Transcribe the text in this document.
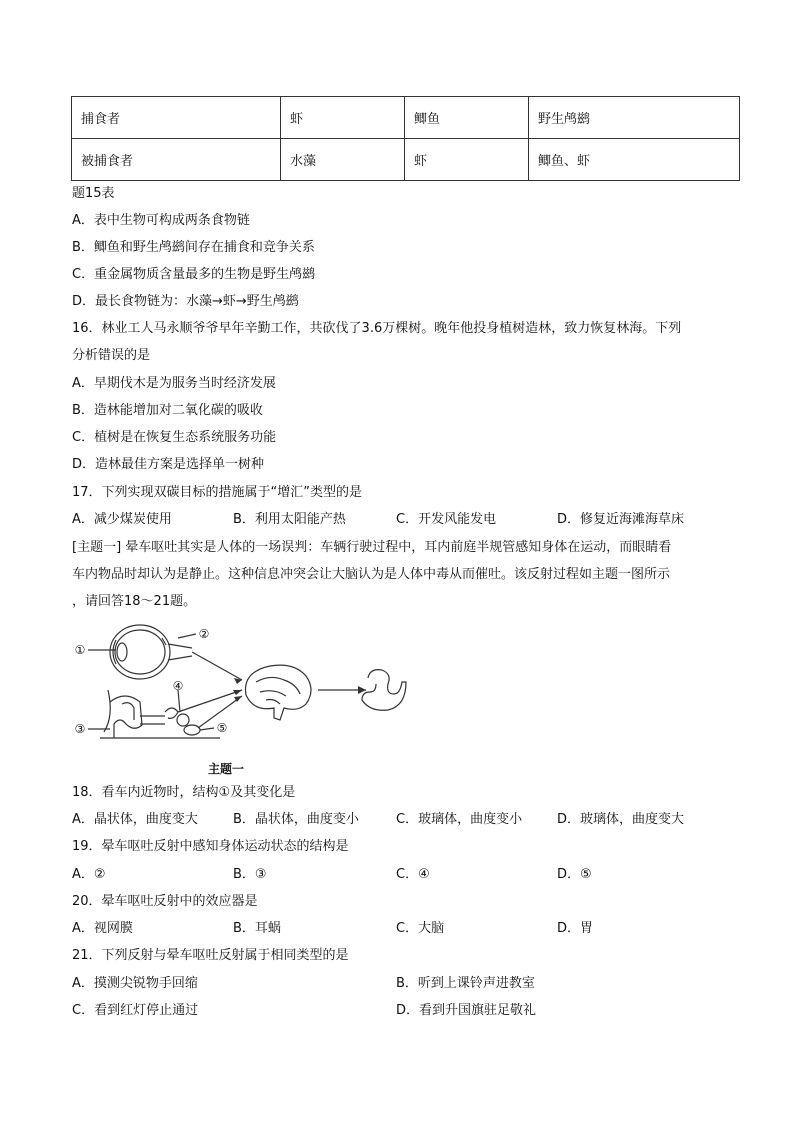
捕食者	虾	鲫鱼	野生鸬鹚
被捕食者	水藻	虾	鲫鱼、虾
题15表
A．表中生物可构成两条食物链
B．鲫鱼和野生鸬鹚间存在捕食和竞争关系
C．重金属物质含量最多的生物是野生鸬鹚
D．最长食物链为：水藻→虾→野生鸬鹚
16．林业工人马永顺爷爷早年辛勤工作，共砍伐了3.6万棵树。晚年他投身植树造林，致力恢复林海。下列
分析错误的是
A．早期伐木是为服务当时经济发展
B．造林能增加对二氧化碳的吸收
C．植树是在恢复生态系统服务功能
D．造林最佳方案是选择单一树种
17．下列实现双碳目标的措施属于“增汇”类型的是
A．减少煤炭使用	B．利用太阳能产热	C．开发风能发电	D．修复近海滩海草床
[主题一] 晕车呕吐其实是人体的一场误判：车辆行驶过程中，耳内前庭半规管感知身体在运动，而眼睛看
车内物品时却认为是静止。这种信息冲突会让大脑认为是人体中毒从而催吐。该反射过程如主题一图所示
，请回答18～21题。
①
②
③
④
⑤
主题一
18．看车内近物时，结构①及其变化是
A．晶状体，曲度变大	B．晶状体，曲度变小	C．玻璃体，曲度变小	D．玻璃体，曲度变大
19．晕车呕吐反射中感知身体运动状态的结构是
A．②	B．③	C．④	D．⑤
20．晕车呕吐反射中的效应器是
A．视网膜	B．耳蜗	C．大脑	D．胃
21．下列反射与晕车呕吐反射属于相同类型的是
A．摸测尖锐物手回缩	B．听到上课铃声进教室
C．看到红灯停止通过	D．看到升国旗驻足敬礼
